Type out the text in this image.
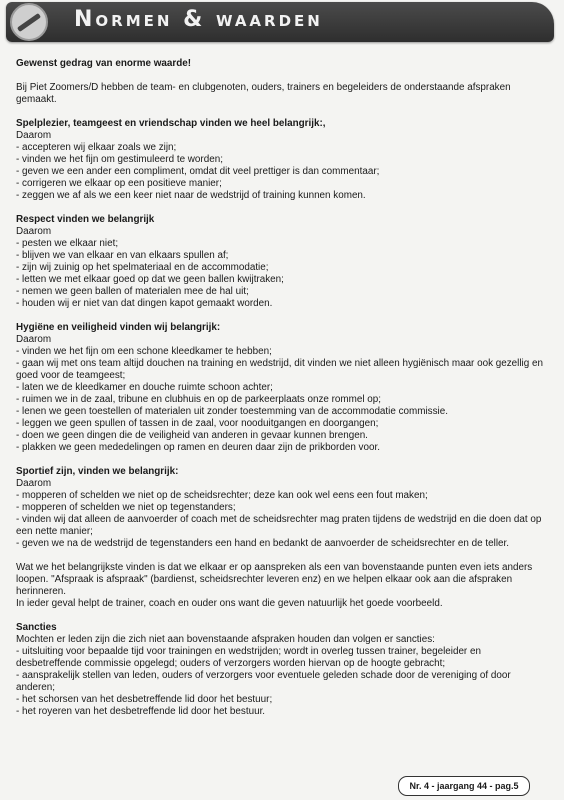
Normen & waarden

Gewenst gedrag van enorme waarde!

Bij Piet Zoomers/D hebben de team- en clubgenoten, ouders, trainers en begeleiders de onderstaande afspraken gemaakt.

Spelplezier, teamgeest en vriendschap vinden we heel belangrijk:,
Daarom
- accepteren wij elkaar zoals we zijn;
- vinden we het fijn om gestimuleerd te worden;
- geven we een ander een compliment, omdat dit veel prettiger is dan commentaar;
- corrigeren we elkaar op een positieve manier;
- zeggen we af als we een keer niet naar de wedstrijd of training kunnen komen.
Respect vinden we belangrijk
Daarom
- pesten we elkaar niet;
- blijven we van elkaar en van elkaars spullen af;
- zijn wij zuinig op het spelmateriaal en de accommodatie;
- letten we met elkaar goed op dat we geen ballen kwijtraken;
- nemen we geen ballen of materialen mee de hal uit;
- houden wij er niet van dat dingen kapot gemaakt worden.
Hygiëne en veiligheid vinden wij belangrijk:
Daarom
- vinden we het fijn om een schone kleedkamer te hebben;
- gaan wij met ons team altijd douchen na training en wedstrijd, dit vinden we niet alleen hygiënisch maar ook gezellig en goed voor de teamgeest;
- laten we de kleedkamer en douche ruimte schoon achter;
- ruimen we in de zaal, tribune en clubhuis en op de parkeerplaats onze rommel op;
- lenen we geen toestellen of materialen uit zonder toestemming van de accommodatie commissie.
- leggen we geen spullen of tassen in de zaal, voor nooduitgangen en doorgangen;
- doen we geen dingen die de veiligheid van anderen in gevaar kunnen brengen.
- plakken we geen mededelingen op ramen en deuren daar zijn de prikborden voor.
Sportief zijn, vinden we belangrijk:
Daarom
- mopperen of schelden we niet op de scheidsrechter; deze kan ook wel eens een fout maken;
- mopperen of schelden we niet op tegenstanders;
- vinden wij dat alleen de aanvoerder of coach met de scheidsrechter mag praten tijdens de wedstrijd en die doen dat op een nette manier;
- geven we na de wedstrijd de tegenstanders een hand en bedankt de aanvoerder de scheidsrechter en de teller.

Wat we het belangrijkste vinden is dat we elkaar er op aanspreken als een van bovenstaande punten even iets anders loopen. "Afspraak is afspraak" (bardienst, scheidsrechter leveren enz) en we helpen elkaar ook aan die afspraken herinneren.

In ieder geval helpt de trainer, coach en ouder ons want die geven natuurlijk het goede voorbeeld.

Sancties
Mochten er leden zijn die zich niet aan bovenstaande afspraken houden dan volgen er sancties:
- uitsluiting voor bepaalde tijd voor trainingen en wedstrijden; wordt in overleg tussen trainer, begeleider en desbetreffende commissie opgelegd; ouders of verzorgers worden hiervan op de hoogte gebracht;
- aansprakelijk stellen van leden, ouders of verzorgers voor eventuele geleden schade door de vereniging of door anderen;
- het schorsen van het desbetreffende lid door het bestuur;
- het royeren van het desbetreffende lid door het bestuur.
Nr. 4 - jaargang 44 - pag.5
